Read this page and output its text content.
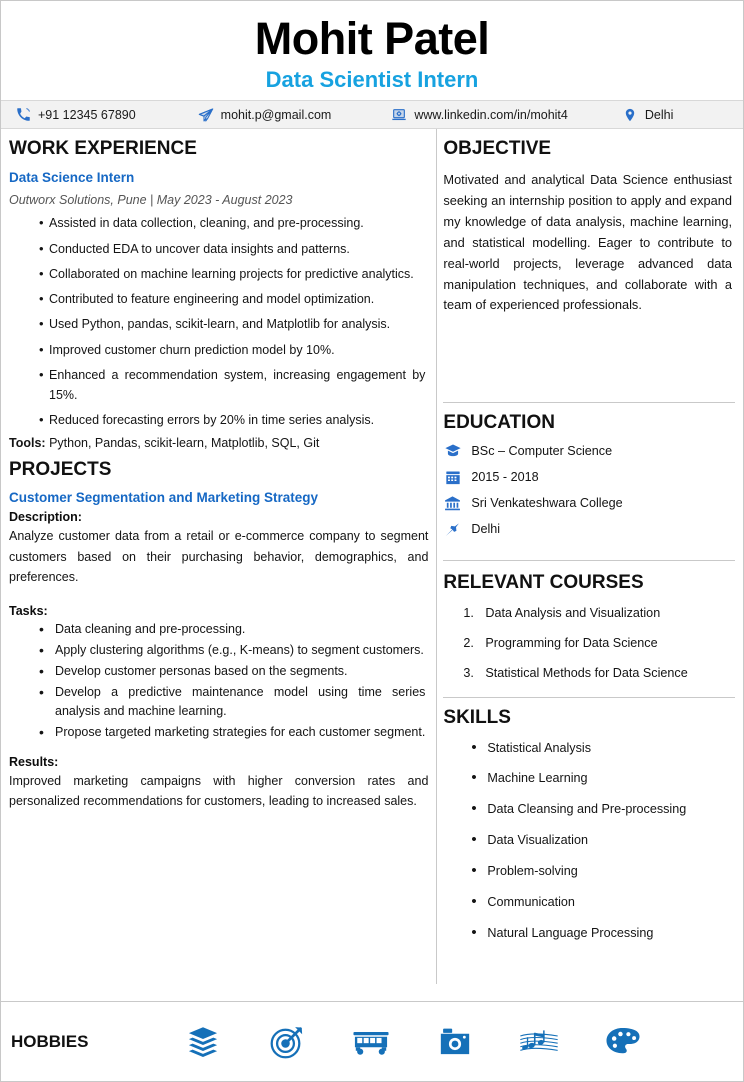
Mohit Patel
Data Scientist Intern
+91 12345 67890	mohit.p@gmail.com	www.linkedin.com/in/mohit4	Delhi
WORK EXPERIENCE
Data Science Intern
Outworx Solutions, Pune | May 2023 - August 2023
• Assisted in data collection, cleaning, and pre-processing.
• Conducted EDA to uncover data insights and patterns.
• Collaborated on machine learning projects for predictive analytics.
• Contributed to feature engineering and model optimization.
• Used Python, pandas, scikit-learn, and Matplotlib for analysis.
• Improved customer churn prediction model by 10%.
• Enhanced a recommendation system, increasing engagement by 15%.
• Reduced forecasting errors by 20% in time series analysis.
Tools: Python, Pandas, scikit-learn, Matplotlib, SQL, Git
PROJECTS
Customer Segmentation and Marketing Strategy
Description:

Analyze customer data from a retail or e-commerce company to segment customers based on their purchasing behavior, demographics, and preferences.

Tasks:
• Data cleaning and pre-processing.
• Apply clustering algorithms (e.g., K-means) to segment customers.
• Develop customer personas based on the segments.
• Develop a predictive maintenance model using time series analysis and machine learning.
• Propose targeted marketing strategies for each customer segment.
Results:

Improved marketing campaigns with higher conversion rates and personalized recommendations for customers, leading to increased sales.

OBJECTIVE

Motivated and analytical Data Science enthusiast seeking an internship position to apply and expand my knowledge of data analysis, machine learning, and statistical modelling. Eager to contribute to real-world projects, leverage advanced data manipulation techniques, and collaborate with a team of experienced professionals.

EDUCATION
BSc – Computer Science
2015 - 2018
Sri Venkateshwara College
Delhi
RELEVANT COURSES
1. Data Analysis and Visualization
2. Programming for Data Science
3. Statistical Methods for Data Science
SKILLS
• Statistical Analysis
• Machine Learning
• Data Cleansing and Pre-processing
• Data Visualization
• Problem-solving
• Communication
• Natural Language Processing
HOBBIES
